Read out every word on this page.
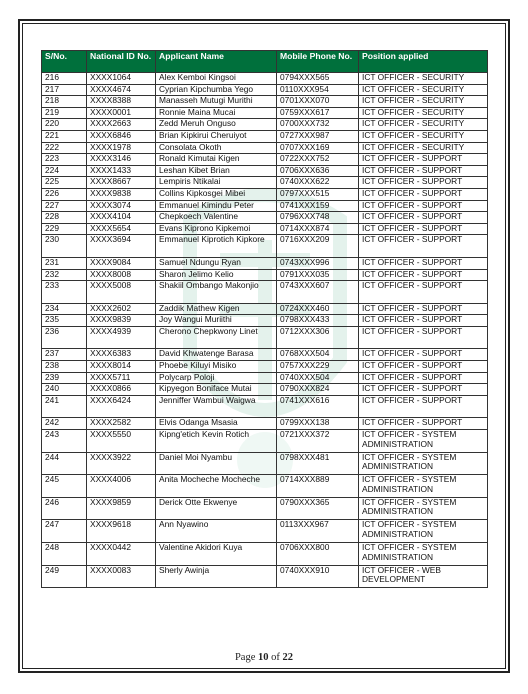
S/No.	National ID No.	Applicant Name	Mobile Phone No.	Position applied
216	XXXX1064	Alex Kemboi Kingsoi	0794XXX565	ICT OFFICER - SECURITY
217	XXXX4674	Cyprian Kipchumba Yego	0110XXX954	ICT OFFICER - SECURITY
218	XXXX8388	Manasseh Mutugi Murithi	0701XXX070	ICT OFFICER - SECURITY
219	XXXX0001	Ronnie Maina Mucai	0759XXX617	ICT OFFICER - SECURITY
220	XXXX2663	Zedd Meruh Onguso	0700XXX732	ICT OFFICER - SECURITY
221	XXXX6846	Brian Kipkirui Cheruiyot	0727XXX987	ICT OFFICER - SECURITY
222	XXXX1978	Consolata Okoth	0707XXX169	ICT OFFICER - SECURITY
223	XXXX3146	Ronald Kimutai Kigen	0722XXX752	ICT OFFICER - SUPPORT
224	XXXX1433	Leshan Kibet Brian	0706XXX636	ICT OFFICER - SUPPORT
225	XXXX8667	Lempiris Ntikalai	0740XXX622	ICT OFFICER - SUPPORT
226	XXXX9838	Collins Kipkosgei Mibei	0797XXX515	ICT OFFICER - SUPPORT
227	XXXX3074	Emmanuel Kimindu Peter	0741XXX159	ICT OFFICER - SUPPORT
228	XXXX4104	Chepkoech Valentine	0796XXX748	ICT OFFICER - SUPPORT
229	XXXX5654	Evans Kiprono Kipkemoi	0714XXX874	ICT OFFICER - SUPPORT
230	XXXX3694	Emmanuel Kiprotich Kipkore	0716XXX209	ICT OFFICER - SUPPORT
231	XXXX9084	Samuel Ndungu Ryan	0743XXX996	ICT OFFICER - SUPPORT
232	XXXX8008	Sharon Jelimo Kelio	0791XXX035	ICT OFFICER - SUPPORT
233	XXXX5008	Shakiil Ombango Makonjio	0743XXX607	ICT OFFICER - SUPPORT
234	XXXX2602	Zaddik Mathew Kigen	0724XXX460	ICT OFFICER - SUPPORT
235	XXXX9839	Joy Wangui Muriithi	0798XXX433	ICT OFFICER - SUPPORT
236	XXXX4939	Cherono Chepkwony Linet	0712XXX306	ICT OFFICER - SUPPORT
237	XXXX6383	David Khwatenge Barasa	0768XXX504	ICT OFFICER - SUPPORT
238	XXXX8014	Phoebe Kiluyi Misiko	0757XXX229	ICT OFFICER - SUPPORT
239	XXXX5711	Polycarp Poloji	0740XXX504	ICT OFFICER - SUPPORT
240	XXXX0866	Kipyegon Boniface Mutai	0790XXX824	ICT OFFICER - SUPPORT
241	XXXX6424	Jenniffer Wambui Waigwa	0741XXX616	ICT OFFICER - SUPPORT
242	XXXX2582	Elvis Odanga Msasia	0799XXX138	ICT OFFICER - SUPPORT
243	XXXX5550	Kipng'etich Kevin Rotich	0721XXX372	ICT OFFICER - SYSTEM ADMINISTRATION
244	XXXX3922	Daniel Moi Nyambu	0798XXX481	ICT OFFICER - SYSTEM ADMINISTRATION
245	XXXX4006	Anita Mocheche Mocheche	0714XXX889	ICT OFFICER - SYSTEM ADMINISTRATION
246	XXXX9859	Derick Otte Ekwenye	0790XXX365	ICT OFFICER - SYSTEM ADMINISTRATION
247	XXXX9618	Ann Nyawino	0113XXX967	ICT OFFICER - SYSTEM ADMINISTRATION
248	XXXX0442	Valentine Akidori Kuya	0706XXX800	ICT OFFICER - SYSTEM ADMINISTRATION
249	XXXX0083	Sherly Awinja	0740XXX910	ICT OFFICER - WEB DEVELOPMENT
Page 10 of 22
